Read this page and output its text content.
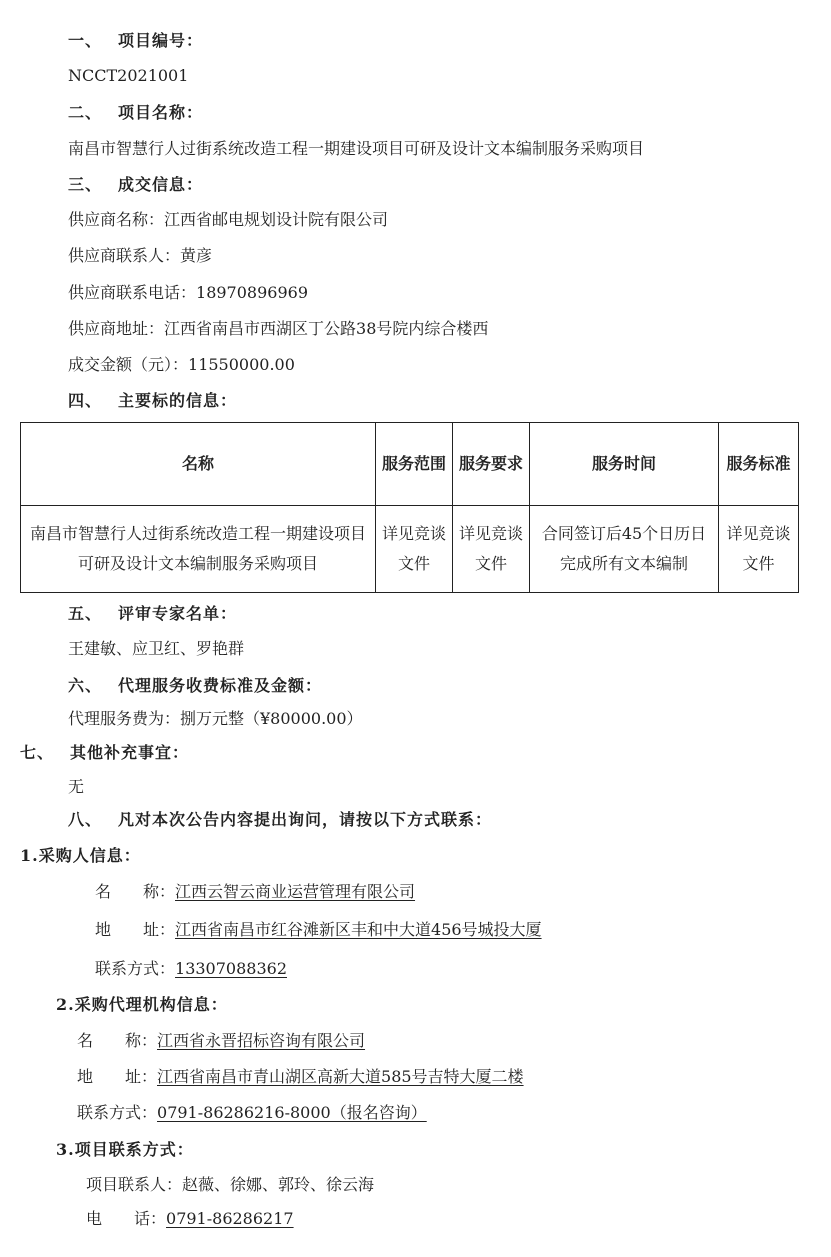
一、 项目编号：
NCCT2021001
二、 项目名称：
南昌市智慧行人过街系统改造工程一期建设项目可研及设计文本编制服务采购项目
三、 成交信息：
供应商名称：江西省邮电规划设计院有限公司
供应商联系人：黄彦
供应商联系电话：18970896969
供应商地址：江西省南昌市西湖区丁公路38号院内综合楼西
成交金额（元）：11550000.00
四、 主要标的信息：
名称	服务范围	服务要求	服务时间	服务标准
南昌市智慧行人过街系统改造工程一期建设项目可研及设计文本编制服务采购项目	详见竞谈文件	详见竞谈文件	合同签订后45个日历日完成所有文本编制	详见竞谈文件
五、 评审专家名单：
王建敏、应卫红、罗艳群
六、 代理服务收费标准及金额：
代理服务费为：捌万元整（¥80000.00）
七、 其他补充事宜：
无
八、 凡对本次公告内容提出询问，请按以下方式联系：
1.采购人信息：
名　　称：江西云智云商业运营管理有限公司
地　　址：江西省南昌市红谷滩新区丰和中大道456号城投大厦
联系方式：13307088362
2.采购代理机构信息：
名　　称：江西省永晋招标咨询有限公司
地　　址：江西省南昌市青山湖区高新大道585号吉特大厦二楼
联系方式：0791-86286216-8000（报名咨询）
3.项目联系方式：
项目联系人：赵薇、徐娜、郭玲、徐云海
电　　话：0791-86286217
